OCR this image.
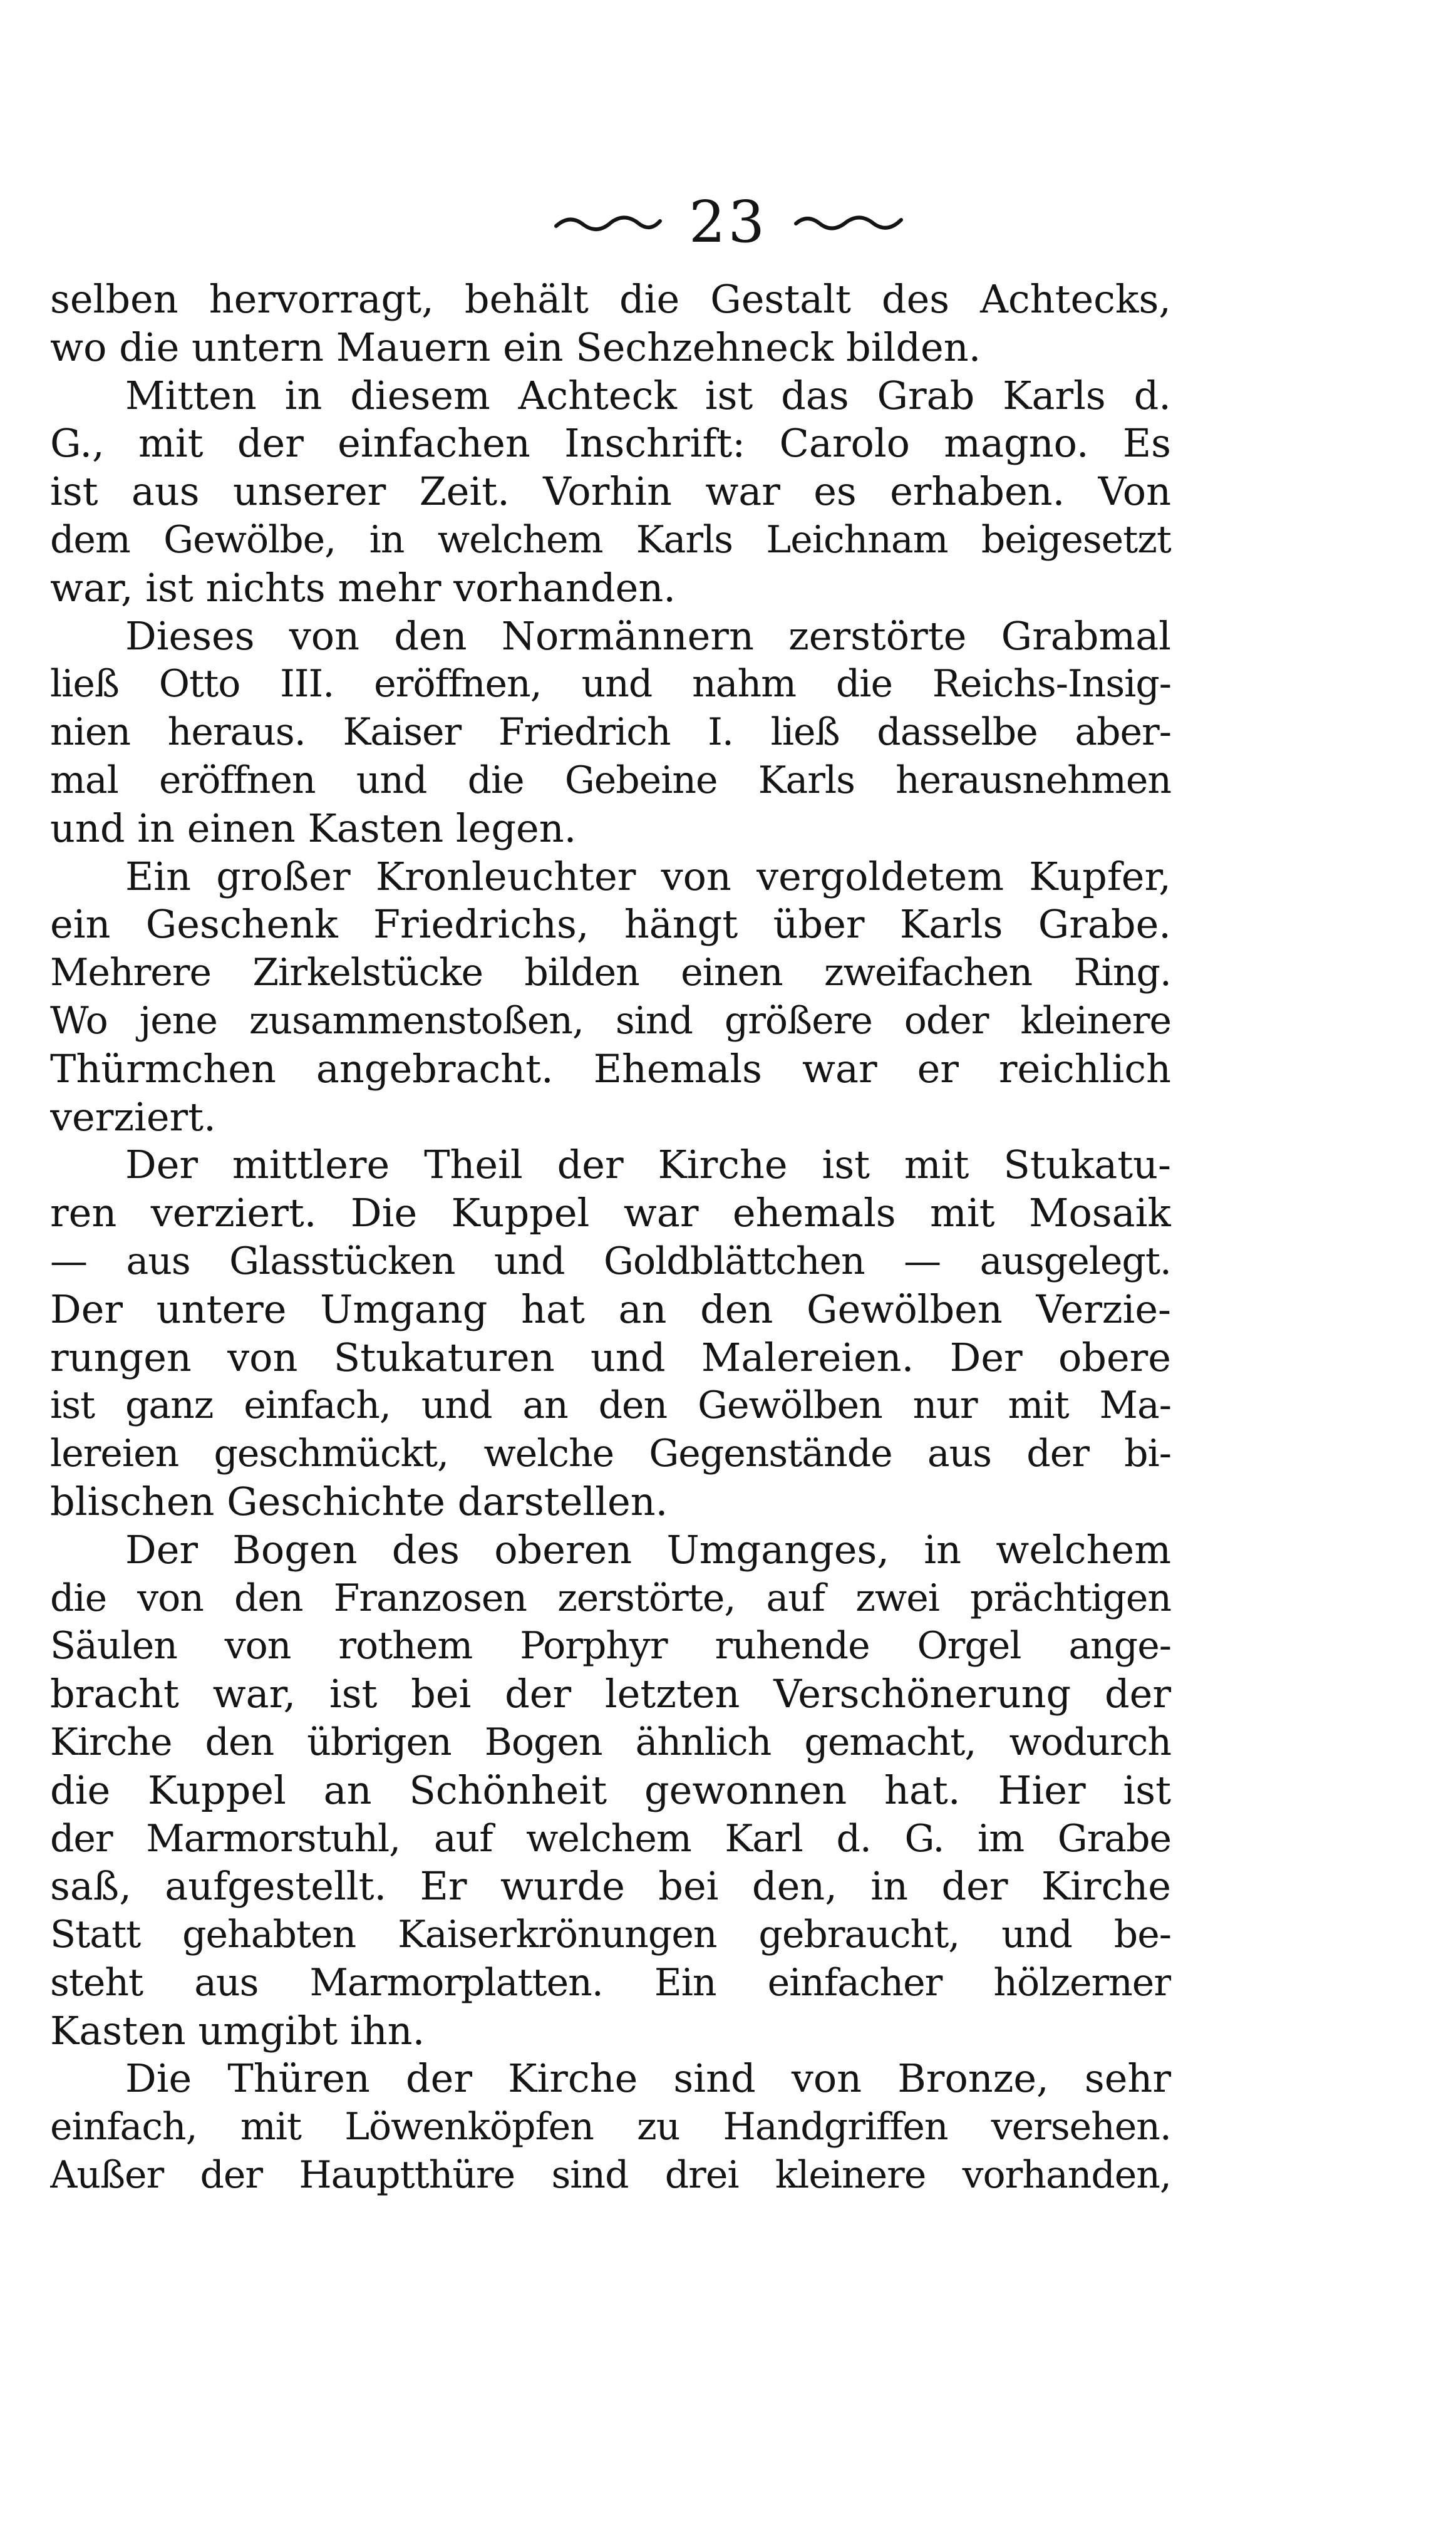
23
selben hervorragt, behält die Gestalt des Achtecks,
wo die untern Mauern ein Sechzehneck bilden.
Mitten in diesem Achteck ist das Grab Karls d.
G., mit der einfachen Inschrift: Carolo magno. Es
ist aus unserer Zeit. Vorhin war es erhaben. Von
dem Gewölbe, in welchem Karls Leichnam beigesetzt
war, ist nichts mehr vorhanden.
Dieses von den Normännern zerstörte Grabmal
ließ Otto III. eröffnen, und nahm die Reichs-Insig-
nien heraus. Kaiser Friedrich I. ließ dasselbe aber-
mal eröffnen und die Gebeine Karls herausnehmen
und in einen Kasten legen.
Ein großer Kronleuchter von vergoldetem Kupfer,
ein Geschenk Friedrichs, hängt über Karls Grabe.
Mehrere Zirkelstücke bilden einen zweifachen Ring.
Wo jene zusammenstoßen, sind größere oder kleinere
Thürmchen angebracht. Ehemals war er reichlich
verziert.
Der mittlere Theil der Kirche ist mit Stukatu-
ren verziert. Die Kuppel war ehemals mit Mosaik
— aus Glasstücken und Goldblättchen — ausgelegt.
Der untere Umgang hat an den Gewölben Verzie-
rungen von Stukaturen und Malereien. Der obere
ist ganz einfach, und an den Gewölben nur mit Ma-
lereien geschmückt, welche Gegenstände aus der bi-
blischen Geschichte darstellen.
Der Bogen des oberen Umganges, in welchem
die von den Franzosen zerstörte, auf zwei prächtigen
Säulen von rothem Porphyr ruhende Orgel ange-
bracht war, ist bei der letzten Verschönerung der
Kirche den übrigen Bogen ähnlich gemacht, wodurch
die Kuppel an Schönheit gewonnen hat. Hier ist
der Marmorstuhl, auf welchem Karl d. G. im Grabe
saß, aufgestellt. Er wurde bei den, in der Kirche
Statt gehabten Kaiserkrönungen gebraucht, und be-
steht aus Marmorplatten. Ein einfacher hölzerner
Kasten umgibt ihn.
Die Thüren der Kirche sind von Bronze, sehr
einfach, mit Löwenköpfen zu Handgriffen versehen.
Außer der Hauptthüre sind drei kleinere vorhanden,
